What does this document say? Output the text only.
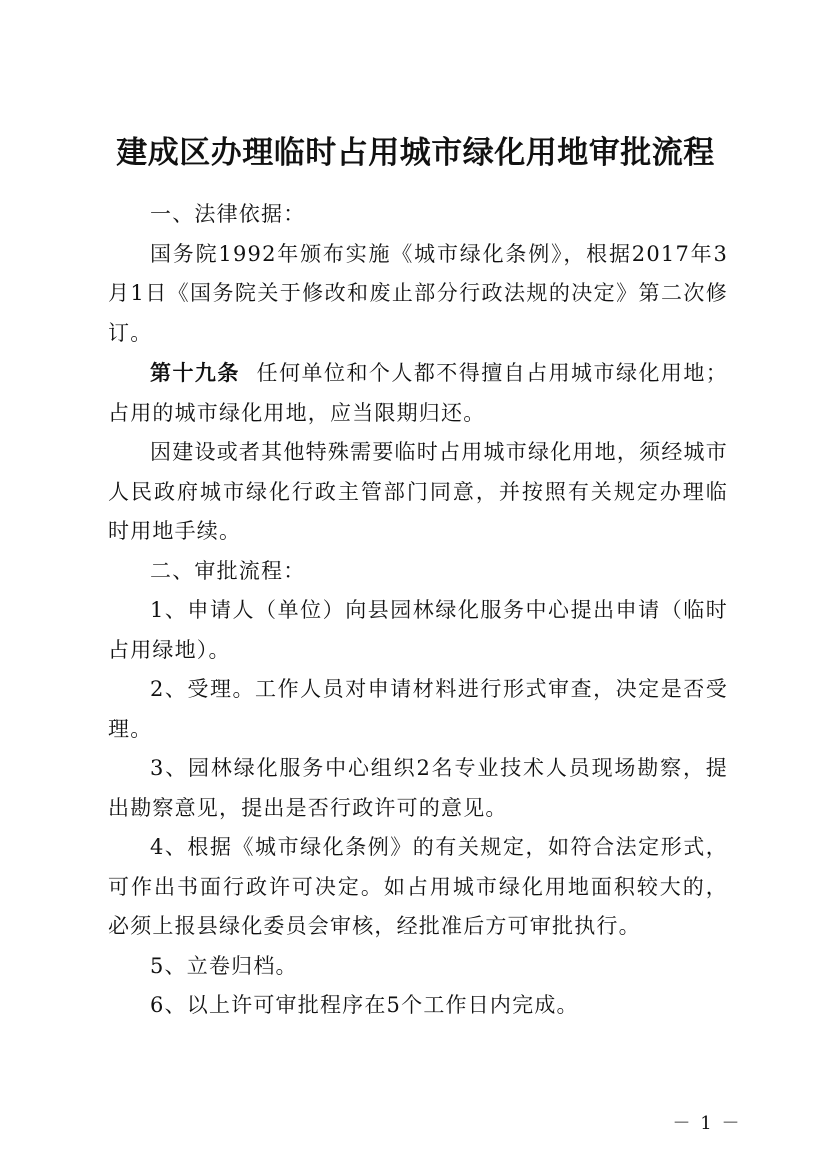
建成区办理临时占用城市绿化用地审批流程

一、法律依据：

国务院1992年颁布实施《城市绿化条例》，根据2017年3月1日《国务院关于修改和废止部分行政法规的决定》第二次修订。

第十九条 任何单位和个人都不得擅自占用城市绿化用地；占用的城市绿化用地，应当限期归还。

因建设或者其他特殊需要临时占用城市绿化用地，须经城市人民政府城市绿化行政主管部门同意，并按照有关规定办理临时用地手续。

二、审批流程：

1、申请人（单位）向县园林绿化服务中心提出申请（临时占用绿地）。

2、受理。工作人员对申请材料进行形式审查，决定是否受理。

3、园林绿化服务中心组织2名专业技术人员现场勘察，提出勘察意见，提出是否行政许可的意见。

4、根据《城市绿化条例》的有关规定，如符合法定形式，可作出书面行政许可决定。如占用城市绿化用地面积较大的，必须上报县绿化委员会审核，经批准后方可审批执行。

5、立卷归档。

6、以上许可审批程序在5个工作日内完成。

－ 1 －
